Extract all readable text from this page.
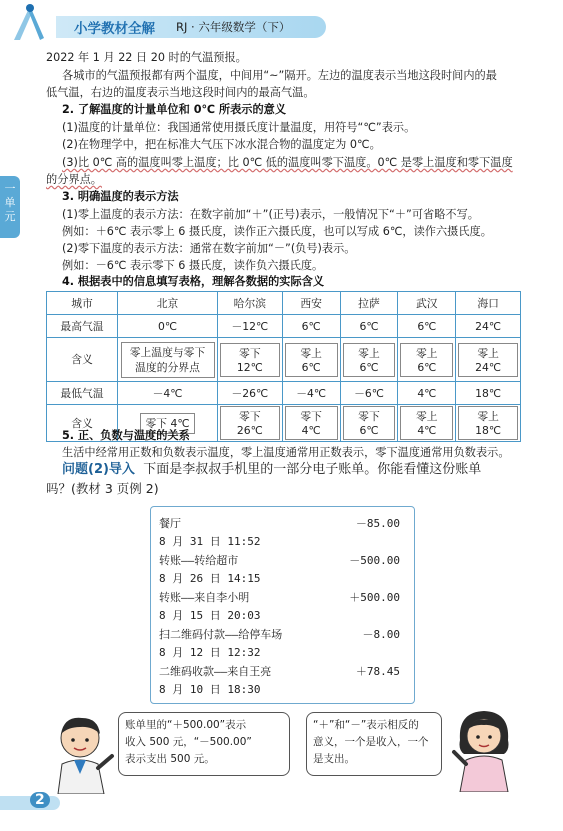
小学教材全解 RJ · 六年级数学（下）
一单元
2022 年 1 月 22 日 20 时的气温预报。
各城市的气温预报都有两个温度，中间用“~”隔开。左边的温度表示当地这段时间内的最
低气温，右边的温度表示当地这段时间内的最高气温。
2. 了解温度的计量单位和 0℃ 所表示的意义
(1)温度的计量单位：我国通常使用摄氏度计量温度，用符号“℃”表示。
(2)在物理学中，把在标准大气压下冰水混合物的温度定为 0℃。
(3)比 0℃ 高的温度叫零上温度；比 0℃ 低的温度叫零下温度。0℃ 是零上温度和零下温度
的分界点。
3. 明确温度的表示方法
(1)零上温度的表示方法：在数字前加“＋”(正号)表示，一般情况下“＋”可省略不写。
例如：＋6℃ 表示零上 6 摄氏度，读作正六摄氏度，也可以写成 6℃，读作六摄氏度。
(2)零下温度的表示方法：通常在数字前加“－”(负号)表示。
例如：－6℃ 表示零下 6 摄氏度，读作负六摄氏度。
4. 根据表中的信息填写表格，理解各数据的实际含义
城市	北京	哈尔滨	西安	拉萨	武汉	海口
最高气温	0℃	－12℃	6℃	6℃	6℃	24℃
含义	零上温度与零下温度的分界点	零下 12℃	零上 6℃	零上 6℃	零上 6℃	零上 24℃
最低气温	－4℃	－26℃	－4℃	－6℃	4℃	18℃
含义	零下 4℃	零下 26℃	零下 4℃	零下 6℃	零上 4℃	零上 18℃
5. 正、负数与温度的关系
生活中经常用正数和负数表示温度，零上温度通常用正数表示，零下温度通常用负数表示。
问题(2)导入 下面是李叔叔手机里的一部分电子账单。你能看懂这份账单
吗？(教材 3 页例 2)
餐厅	－85.00
8 月 31 日 11:52
转账——转给超市	－500.00
8 月 26 日 14:15
转账——来自李小明	＋500.00
8 月 15 日 20:03
扫二维码付款——给停车场	－8.00
8 月 12 日 12:32
二维码收款——来自王亮	＋78.45
8 月 10 日 18:30
账单里的“＋500.00”表示
收入 500 元，“－500.00”
表示支出 500 元。
“＋”和“－”表示相反的
意义，一个是收入，一个
是支出。
2
